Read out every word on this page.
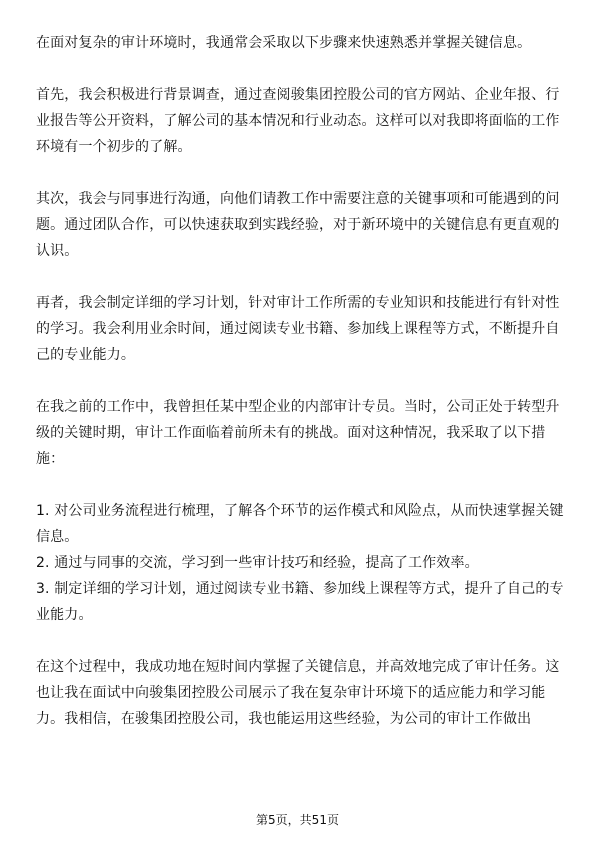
在面对复杂的审计环境时，我通常会采取以下步骤来快速熟悉并掌握关键信息。

首先，我会积极进行背景调查，通过查阅骏集团控股公司的官方网站、企业年报、行业报告等公开资料，了解公司的基本情况和行业动态。这样可以对我即将面临的工作环境有一个初步的了解。

其次，我会与同事进行沟通，向他们请教工作中需要注意的关键事项和可能遇到的问题。通过团队合作，可以快速获取到实践经验，对于新环境中的关键信息有更直观的认识。

再者，我会制定详细的学习计划，针对审计工作所需的专业知识和技能进行有针对性的学习。我会利用业余时间，通过阅读专业书籍、参加线上课程等方式，不断提升自己的专业能力。

在我之前的工作中，我曾担任某中型企业的内部审计专员。当时，公司正处于转型升级的关键时期，审计工作面临着前所未有的挑战。面对这种情况，我采取了以下措施：

1. 对公司业务流程进行梳理，了解各个环节的运作模式和风险点，从而快速掌握关键信息。
2. 通过与同事的交流，学习到一些审计技巧和经验，提高了工作效率。
3. 制定详细的学习计划，通过阅读专业书籍、参加线上课程等方式，提升了自己的专业能力。

在这个过程中，我成功地在短时间内掌握了关键信息，并高效地完成了审计任务。这也让我在面试中向骏集团控股公司展示了我在复杂审计环境下的适应能力和学习能力。我相信，在骏集团控股公司，我也能运用这些经验，为公司的审计工作做出

第5页，共51页
